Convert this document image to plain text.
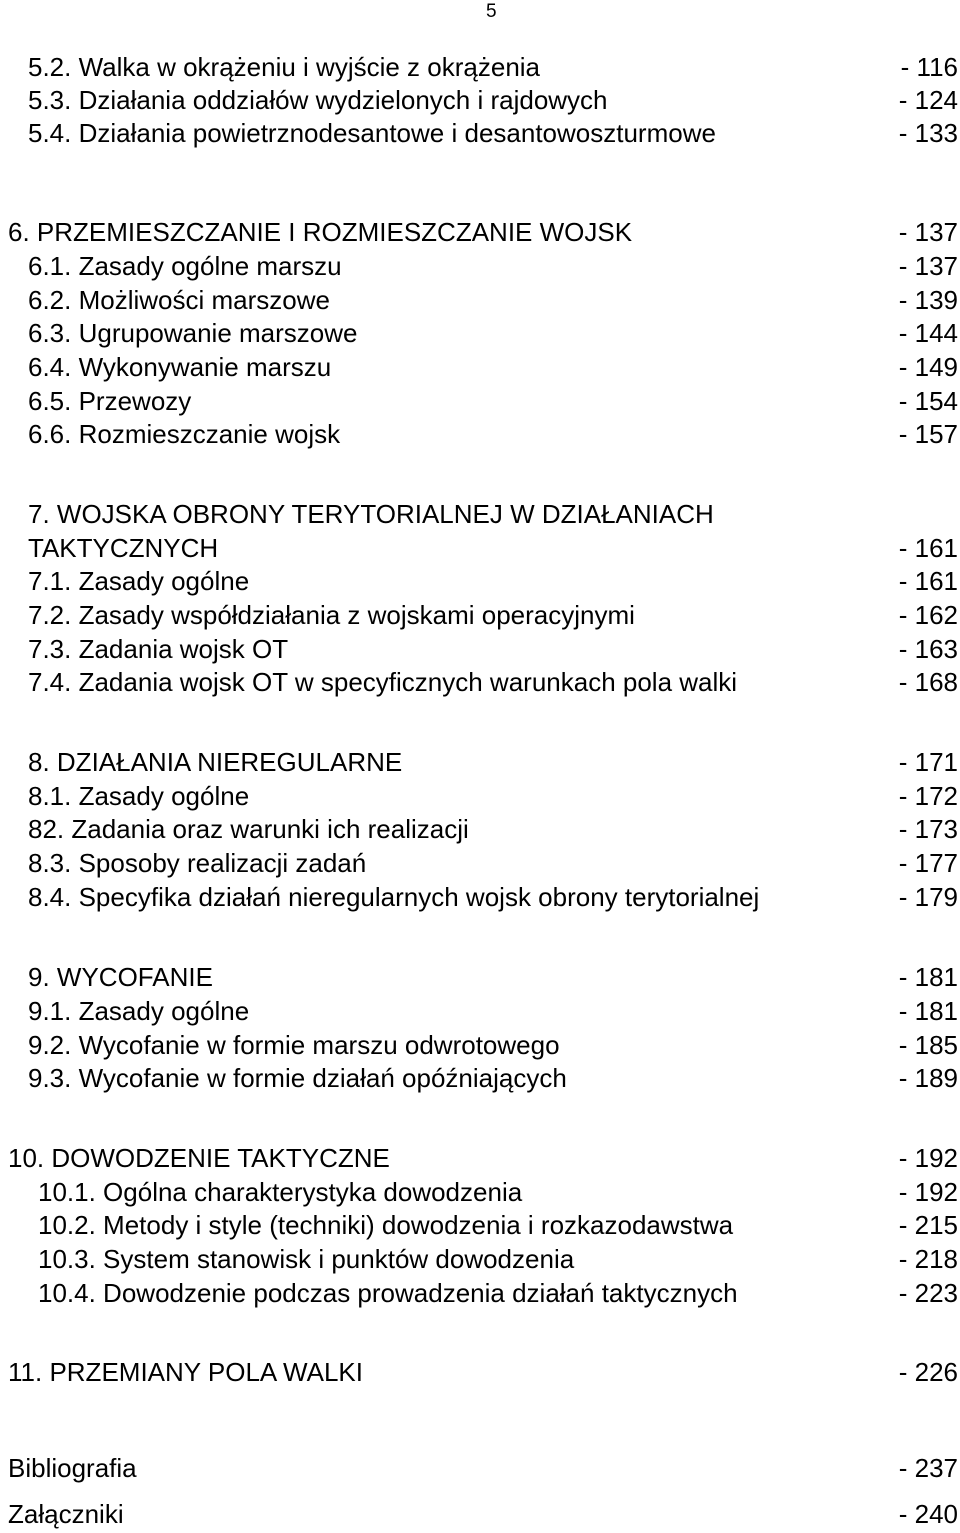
5
5.2. Walka w okrążeniu i wyjście z okrążenia	- 116
5.3. Działania oddziałów wydzielonych i rajdowych	- 124
5.4. Działania powietrznodesantowe i desantowoszturmowe	- 133
6. PRZEMIESZCZANIE I ROZMIESZCZANIE WOJSK	- 137
6.1. Zasady ogólne marszu	- 137
6.2. Możliwości marszowe	- 139
6.3. Ugrupowanie marszowe	- 144
6.4. Wykonywanie marszu	- 149
6.5. Przewozy	- 154
6.6. Rozmieszczanie wojsk	- 157
7. WOJSKA OBRONY TERYTORIALNEJ W DZIAŁANIACH
TAKTYCZNYCH	- 161
7.1. Zasady ogólne	- 161
7.2. Zasady współdziałania z wojskami operacyjnymi	- 162
7.3. Zadania wojsk OT	- 163
7.4. Zadania wojsk OT w specyficznych warunkach pola walki	- 168
8. DZIAŁANIA NIEREGULARNE	- 171
8.1. Zasady ogólne	- 172
82. Zadania oraz warunki ich realizacji	- 173
8.3. Sposoby realizacji zadań	- 177
8.4. Specyfika działań nieregularnych wojsk obrony terytorialnej	- 179
9. WYCOFANIE	- 181
9.1. Zasady ogólne	- 181
9.2. Wycofanie w formie marszu odwrotowego	- 185
9.3. Wycofanie w formie działań opóźniających	- 189
10. DOWODZENIE TAKTYCZNE	- 192
10.1. Ogólna charakterystyka dowodzenia	- 192
10.2. Metody i style (techniki) dowodzenia i rozkazodawstwa	- 215
10.3. System stanowisk i punktów dowodzenia	- 218
10.4. Dowodzenie podczas prowadzenia działań taktycznych	- 223
11. PRZEMIANY POLA WALKI	- 226
Bibliografia	- 237
Załączniki	- 240
